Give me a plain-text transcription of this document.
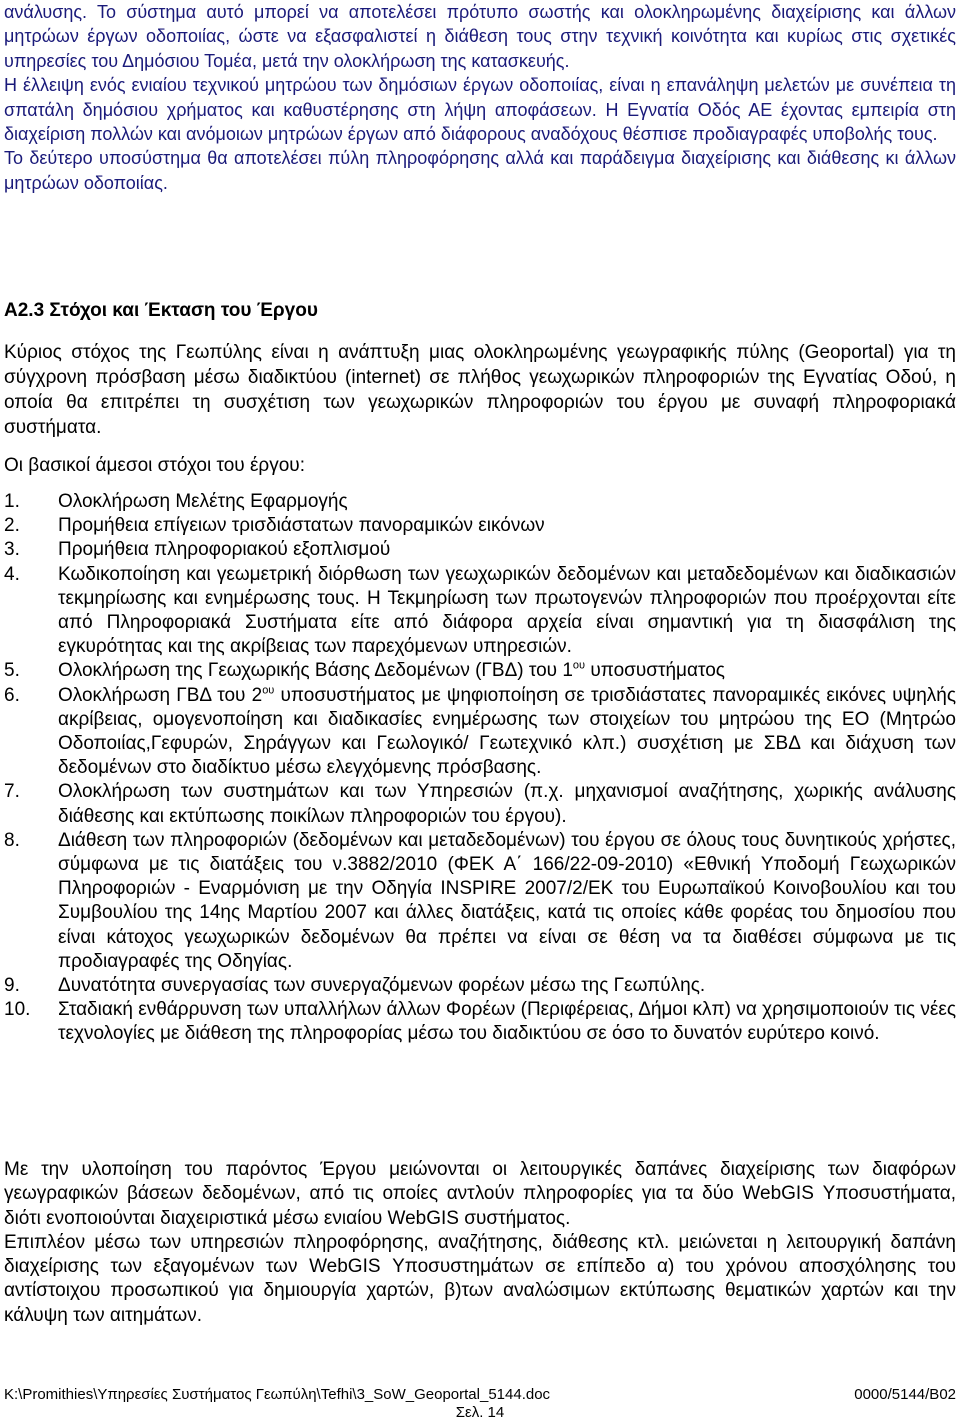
ανάλυσης. Το σύστημα αυτό μπορεί να αποτελέσει πρότυπο σωστής και ολοκληρωμένης διαχείρισης και άλλων μητρώων έργων οδοποιίας, ώστε να εξασφαλιστεί η διάθεση τους στην τεχνική κοινότητα και κυρίως στις σχετικές υπηρεσίες του Δημόσιου Τομέα, μετά την ολοκλήρωση της κατασκευής.

Η έλλειψη ενός ενιαίου τεχνικού μητρώου των δημόσιων έργων οδοποιίας, είναι η επανάληψη μελετών με συνέπεια τη σπατάλη δημόσιου χρήματος και καθυστέρησης στη λήψη αποφάσεων. Η Εγνατία Οδός ΑΕ έχοντας εμπειρία στη διαχείριση πολλών και ανόμοιων μητρώων έργων από διάφορους αναδόχους θέσπισε προδιαγραφές υποβολής τους.

Το δεύτερο υποσύστημα θα αποτελέσει πύλη πληροφόρησης αλλά και παράδειγμα διαχείρισης και διάθεσης κι άλλων μητρώων οδοποιίας.

Α2.3 Στόχοι και Έκταση του Έργου

Κύριος στόχος της Γεωπύλης είναι η ανάπτυξη μιας ολοκληρωμένης γεωγραφικής πύλης (Geoportal) για τη σύγχρονη πρόσβαση μέσω διαδικτύου (internet) σε πλήθος γεωχωρικών πληροφοριών της Εγνατίας Οδού, η οποία θα επιτρέπει τη συσχέτιση των γεωχωρικών πληροφοριών του έργου με συναφή πληροφοριακά συστήματα.

Οι βασικοί άμεσοι στόχοι του έργου:

1.	Ολοκλήρωση Μελέτης Εφαρμογής
2.	Προμήθεια επίγειων τρισδιάστατων πανοραμικών εικόνων
3.	Προμήθεια πληροφοριακού εξοπλισμού
4.	Κωδικοποίηση και γεωμετρική διόρθωση των γεωχωρικών δεδομένων και μεταδεδομένων και διαδικασιών τεκμηρίωσης και ενημέρωσης τους. Η Τεκμηρίωση των πρωτογενών πληροφοριών που προέρχονται είτε από Πληροφοριακά Συστήματα είτε από διάφορα αρχεία είναι σημαντική για τη διασφάλιση της εγκυρότητας και της ακρίβειας των παρεχόμενων υπηρεσιών.
5.	Ολοκλήρωση της Γεωχωρικής Βάσης Δεδομένων (ΓΒΔ) του $1^{o\upsilon}$ υποσυστήματος
6.	Ολοκλήρωση ΓΒΔ του $2^{o\upsilon}$ υποσυστήματος με ψηφιοποίηση σε τρισδιάστατες πανοραμικές εικόνες υψηλής ακρίβειας, ομογενοποίηση και διαδικασίες ενημέρωσης των στοιχείων του μητρώου της ΕΟ (Μητρώο Οδοποιίας,Γεφυρών, Σηράγγων και Γεωλογικό/ Γεωτεχνικό κλπ.) συσχέτιση με ΣΒΔ και διάχυση των δεδομένων στο διαδίκτυο μέσω ελεγχόμενης πρόσβασης.
7.	Ολοκλήρωση των συστημάτων και των Υπηρεσιών (π.χ. μηχανισμοί αναζήτησης, χωρικής ανάλυσης διάθεσης και εκτύπωσης ποικίλων πληροφοριών του έργου).
8.	Διάθεση των πληροφοριών (δεδομένων και μεταδεδομένων) του έργου σε όλους τους δυνητικούς χρήστες, σύμφωνα με τις διατάξεις του ν.3882/2010 (ΦΕΚ Α΄ 166/22-09-2010) «Εθνική Υποδομή Γεωχωρικών Πληροφοριών - Εναρμόνιση με την Οδηγία INSPIRE 2007/2/ΕΚ του Ευρωπαϊκού Κοινοβουλίου και του Συμβουλίου της 14ης Μαρτίου 2007 και άλλες διατάξεις, κατά τις οποίες κάθε φορέας του δημοσίου που είναι κάτοχος γεωχωρικών δεδομένων θα πρέπει να είναι σε θέση να τα διαθέσει σύμφωνα με τις προδιαγραφές της Οδηγίας.
9.	Δυνατότητα συνεργασίας των συνεργαζόμενων φορέων μέσω της Γεωπύλης.
10.	Σταδιακή ενθάρρυνση των υπαλλήλων άλλων Φορέων (Περιφέρειας, Δήμοι κλπ) να χρησιμοποιούν τις νέες τεχνολογίες με διάθεση της πληροφορίας μέσω του διαδικτύου σε όσο το δυνατόν ευρύτερο κοινό.

Με την υλοποίηση του παρόντος Έργου μειώνονται οι λειτουργικές δαπάνες διαχείρισης των διαφόρων γεωγραφικών βάσεων δεδομένων, από τις οποίες αντλούν πληροφορίες για τα δύο WebGIS Υποσυστήματα, διότι ενοποιούνται διαχειριστικά μέσω ενιαίου WebGIS συστήματος.

Επιπλέον μέσω των υπηρεσιών πληροφόρησης, αναζήτησης, διάθεσης κτλ. μειώνεται η λειτουργική δαπάνη διαχείρισης των εξαγομένων των WebGIS Υποσυστημάτων σε επίπεδο α) του χρόνου αποσχόλησης του αντίστοιχου προσωπικού για δημιουργία χαρτών, β)των αναλώσιμων εκτύπωσης θεματικών χαρτών και την κάλυψη των αιτημάτων.

K:\Promithies\Υπηρεσίες Συστήματος Γεωπύλη\Tefhi\3_SoW_Geoportal_5144.doc	0000/5144/Β02
Σελ. 14
